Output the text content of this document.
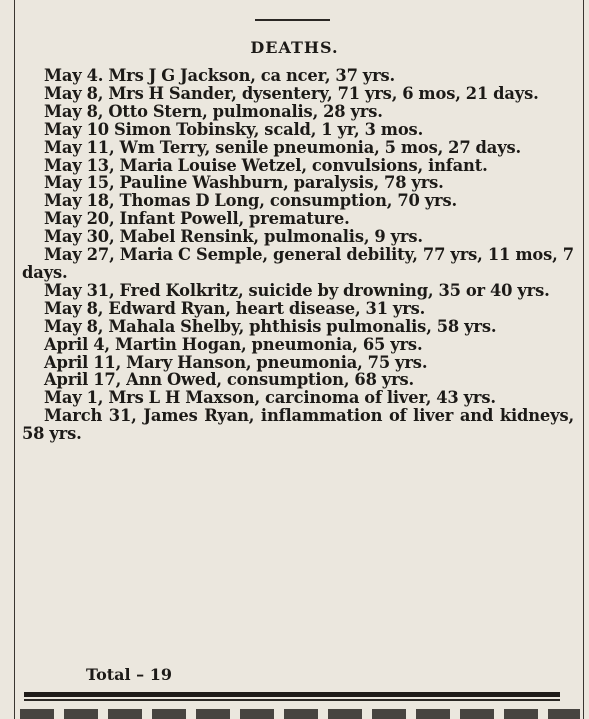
DEATHS.

May 4. Mrs J G Jackson, ca ncer, 37 yrs.

May 8, Mrs H Sander, dysentery, 71 yrs, 6 mos, 21 days.

May 8, Otto Stern, pulmonalis, 28 yrs.

May 10 Simon Tobinsky, scald, 1 yr, 3 mos.

May 11, Wm Terry, senile pneumonia, 5 mos, 27 days.

May 13, Maria Louise Wetzel, convulsions, infant.

May 15, Pauline Washburn, paralysis, 78 yrs.

May 18, Thomas D Long, consumption, 70 yrs.

May 20, Infant Powell, premature.

May 30, Mabel Rensink, pulmonalis, 9 yrs.

May 27, Maria C Semple, general debility, 77 yrs, 11 mos, 7 days.

May 31, Fred Kolkritz, suicide by drowning, 35 or 40 yrs.

May 8, Edward Ryan, heart disease, 31 yrs.

May 8, Mahala Shelby, phthisis pulmonalis, 58 yrs.

April 4, Martin Hogan, pneumonia, 65 yrs.

April 11, Mary Hanson, pneumonia, 75 yrs.

April 17, Ann Owed, consumption, 68 yrs.

May 1, Mrs L H Maxson, carcinoma of liver, 43 yrs.

March 31, James Ryan, inflammation of liver and kidneys, 58 yrs.

Total – 19
